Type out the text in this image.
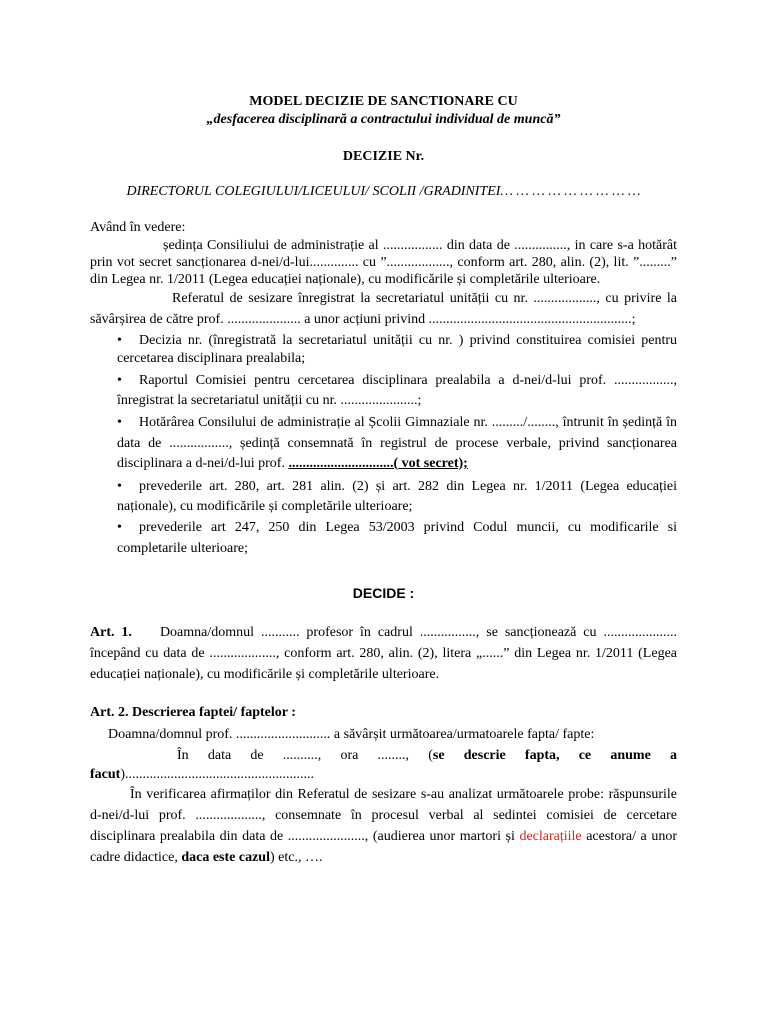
MODEL DECIZIE DE SANCTIONARE CU
„desfacerea disciplinară a contractului individual de muncă”
DECIZIE Nr.
DIRECTORUL COLEGIULUI/LICEULUI/ SCOLII /GRADINITEI… … … … … … … … …
Având în vedere:
ședința Consiliului de administrație al ................. din data de ..............., in care s-a hotărât prin vot secret sancționarea d-nei/d-lui.............. cu ”.................., conform art. 280, alin. (2), lit. ”.........” din Legea nr. 1/2011 (Legea educației naționale), cu modificările și completările ulterioare.
Referatul de sesizare înregistrat la secretariatul unității cu nr. .................., cu privire la săvârșirea de către prof. ..................... a unor acțiuni privind ..........................................................;
• Decizia nr. (înregistrată la secretariatul unității cu nr. ) privind constituirea comisiei pentru cercetarea disciplinara prealabila;
• Raportul Comisiei pentru cercetarea disciplinara prealabila a d-nei/d-lui prof. ................., înregistrat la secretariatul unității cu nr. ......................;
• Hotărârea Consilului de administrație al Școlii Gimnaziale nr. ........./........, întrunit în ședință în data de ................., ședință consemnată în registrul de procese verbale, privind sancționarea disciplinara a d-nei/d-lui prof. ..............................( vot secret);
• prevederile art. 280, art. 281 alin. (2) și art. 282 din Legea nr. 1/2011 (Legea educației naționale), cu modificările și completările ulterioare;
• prevederile art 247, 250 din Legea 53/2003 privind Codul muncii, cu modificarile si completarile ulterioare;
DECIDE :
Art. 1. Doamna/domnul ........... profesor în cadrul ................, se sancționează cu ..................... începând cu data de ..................., conform art. 280, alin. (2), litera „......” din Legea nr. 1/2011 (Legea educației naționale), cu modificările și completările ulterioare.
Art. 2. Descrierea faptei/ faptelor :
Doamna/domnul prof. ........................... a săvârșit următoarea/urmatoarele fapta/ fapte:
În data de .........., ora ........, (se descrie fapta, ce anume a facut)......................................................
În verificarea afirmaților din Referatul de sesizare s-au analizat următoarele probe: răspunsurile d-nei/d-lui prof. ..................., consemnate în procesul verbal al sedintei comisiei de cercetare disciplinara prealabila din data de ......................, (audierea unor martori și declarațiile acestora/ a unor cadre didactice, daca este cazul) etc., ….
